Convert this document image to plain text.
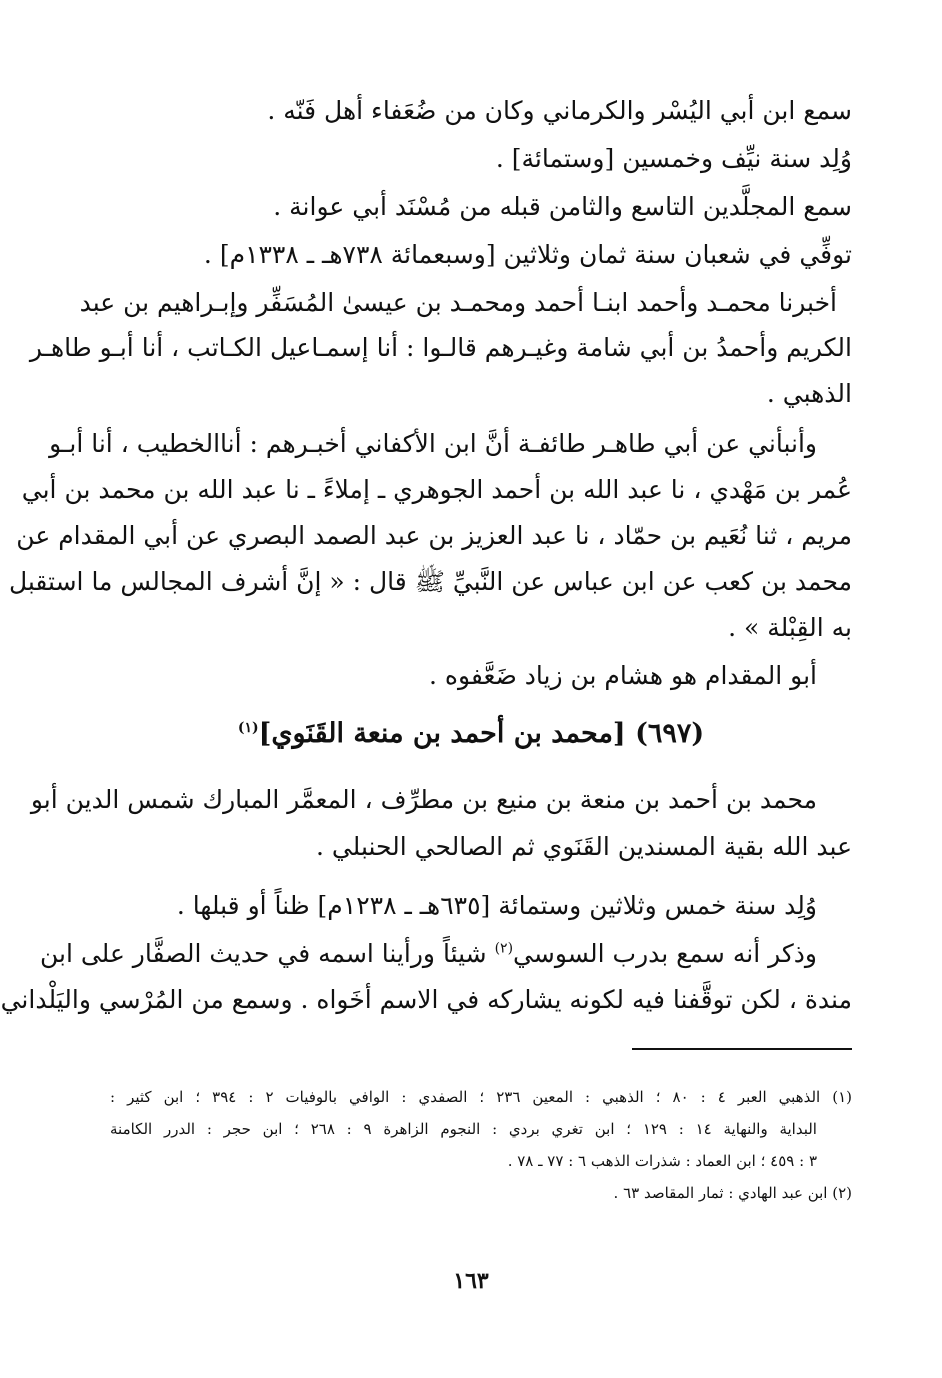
سمع ابن أبي اليُسْر والكرماني وكان من ضُعَفاء أهل فَنّه .
وُلِد سنة نيِّف وخمسين [وستمائة] .
سمع المجلَّدين التاسع والثامن قبله من مُسْنَد أبي عوانة .
توفِّي في شعبان سنة ثمان وثلاثين [وسبعمائة ٧٣٨هـ ـ ١٣٣٨م] .
أخبرنا محمـد وأحمد ابنـا أحمد ومحمـد بن عيسىٰ المُسَفِّر وإبـراهيم بن عبد
الكريم وأحمدُ بن أبي شامة وغيـرهم قالـوا : أنا إسمـاعيل الكـاتب ، أنا أبـو طاهـر
الذهبي .
وأنبأني عن أبي طاهـر طائفـة أنَّ ابن الأكفاني أخبـرهم : أناالخطيب ، أنا أبـو
عُمر بن مَهْدي ، نا عبد الله بن أحمد الجوهري ـ إملاءً ـ نا عبد الله بن محمد بن أبي
مريم ، ثنا نُعَيم بن حمّاد ، نا عبد العزيز بن عبد الصمد البصري عن أبي المقدام عن
محمد بن كعب عن ابن عباس عن النَّبيِّ ﷺ قال : « إنَّ أشرف المجالس ما استقبل
به القِبْلة » .
أبو المقدام هو هشام بن زياد ضَعَّفوه .
(٦٩٧) [محمد بن أحمد بن منعة القَنَوي]$^{(١)}$
محمد بن أحمد بن منعة بن منيع بن مطرِّف ، المعمَّر المبارك شمس الدين أبو
عبد الله بقية المسندين القَنَوي ثم الصالحي الحنبلي .
وُلِد سنة خمس وثلاثين وستمائة [٦٣٥هـ ـ ١٢٣٨م] ظناً أو قبلها .
وذكر أنه سمع بدرب السوسي$^{(٢)}$ شيئاً ورأينا اسمه في حديث الصفَّار على ابن
مندة ، لكن توقَّفنا فيه لكونه يشاركه في الاسم أخَواه . وسمع من المُرْسي واليَلْداني
(١) الذهبي العبر ٤ : ٨٠ ؛ الذهبي : المعين ٢٣٦ ؛ الصفدي : الوافي بالوفيات ٢ : ٣٩٤ ؛ ابن كثير :
البداية والنهاية ١٤ : ١٢٩ ؛ ابن تغري بردي : النجوم الزاهرة ٩ : ٢٦٨ ؛ ابن حجر : الدرر الكامنة
٣ : ٤٥٩ ؛ ابن العماد : شذرات الذهب ٦ : ٧٧ ـ ٧٨ .
(٢) ابن عبد الهادي : ثمار المقاصد ٦٣ .
١٦٣
